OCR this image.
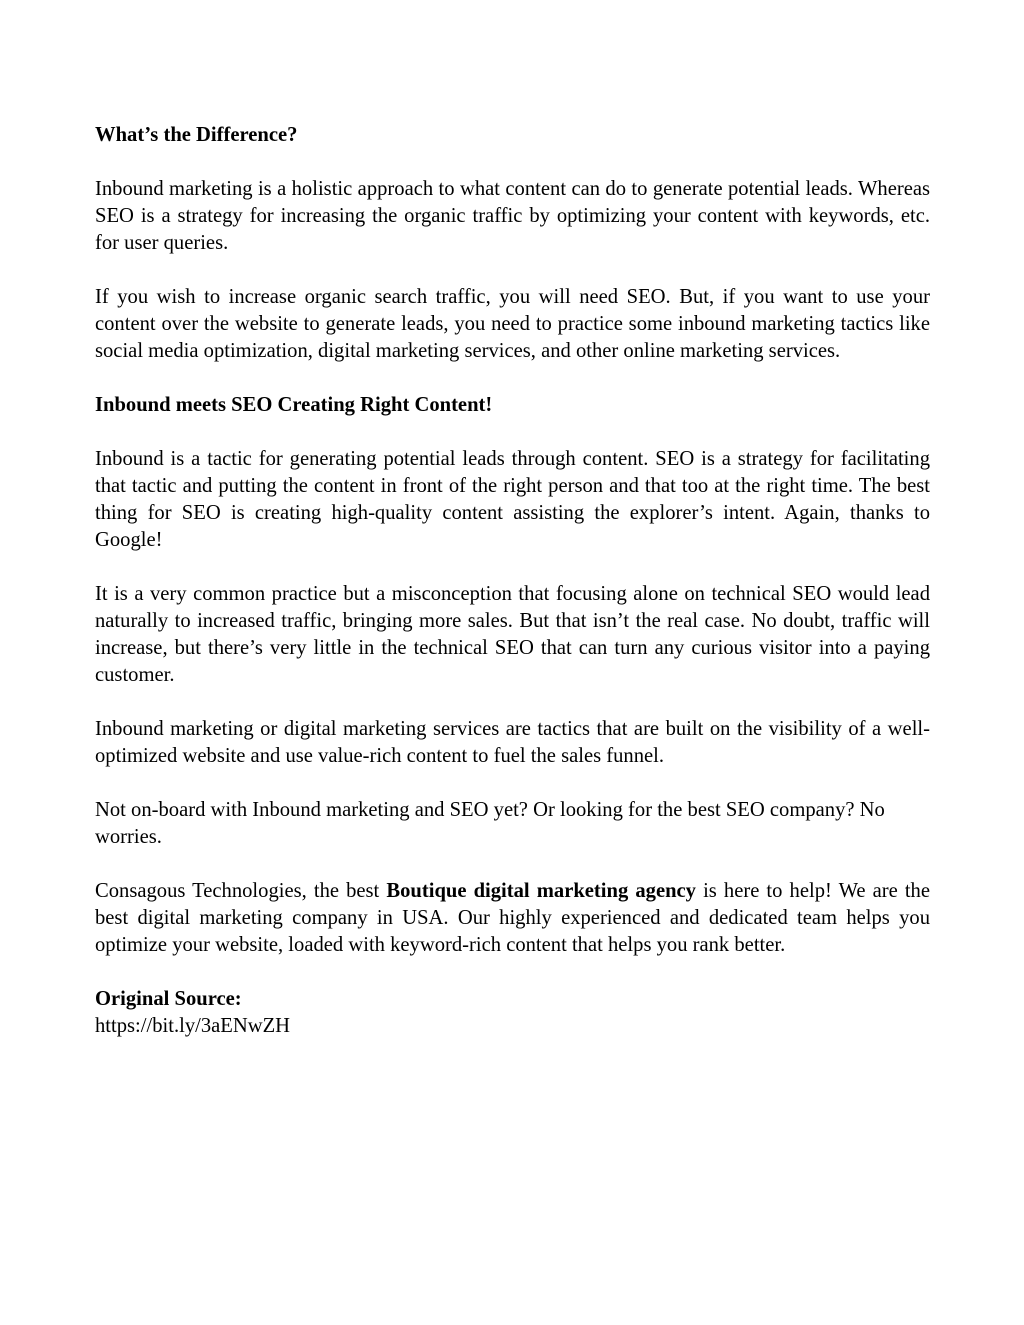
What’s the Difference?
Inbound marketing is a holistic approach to what content can do to generate potential leads. Whereas SEO is a strategy for increasing the organic traffic by optimizing your content with keywords, etc. for user queries.
If you wish to increase organic search traffic, you will need SEO. But, if you want to use your content over the website to generate leads, you need to practice some inbound marketing tactics like social media optimization, digital marketing services, and other online marketing services.
Inbound meets SEO Creating Right Content!
Inbound is a tactic for generating potential leads through content. SEO is a strategy for facilitating that tactic and putting the content in front of the right person and that too at the right time. The best thing for SEO is creating high-quality content assisting the explorer’s intent. Again, thanks to Google!
It is a very common practice but a misconception that focusing alone on technical SEO would lead naturally to increased traffic, bringing more sales. But that isn’t the real case. No doubt, traffic will increase, but there’s very little in the technical SEO that can turn any curious visitor into a paying customer.
Inbound marketing or digital marketing services are tactics that are built on the visibility of a well-optimized website and use value-rich content to fuel the sales funnel.
Not on-board with Inbound marketing and SEO yet? Or looking for the best SEO company? No worries.
Consagous Technologies, the best Boutique digital marketing agency is here to help! We are the best digital marketing company in USA. Our highly experienced and dedicated team helps you optimize your website, loaded with keyword-rich content that helps you rank better.
Original Source:
https://bit.ly/3aENwZH
